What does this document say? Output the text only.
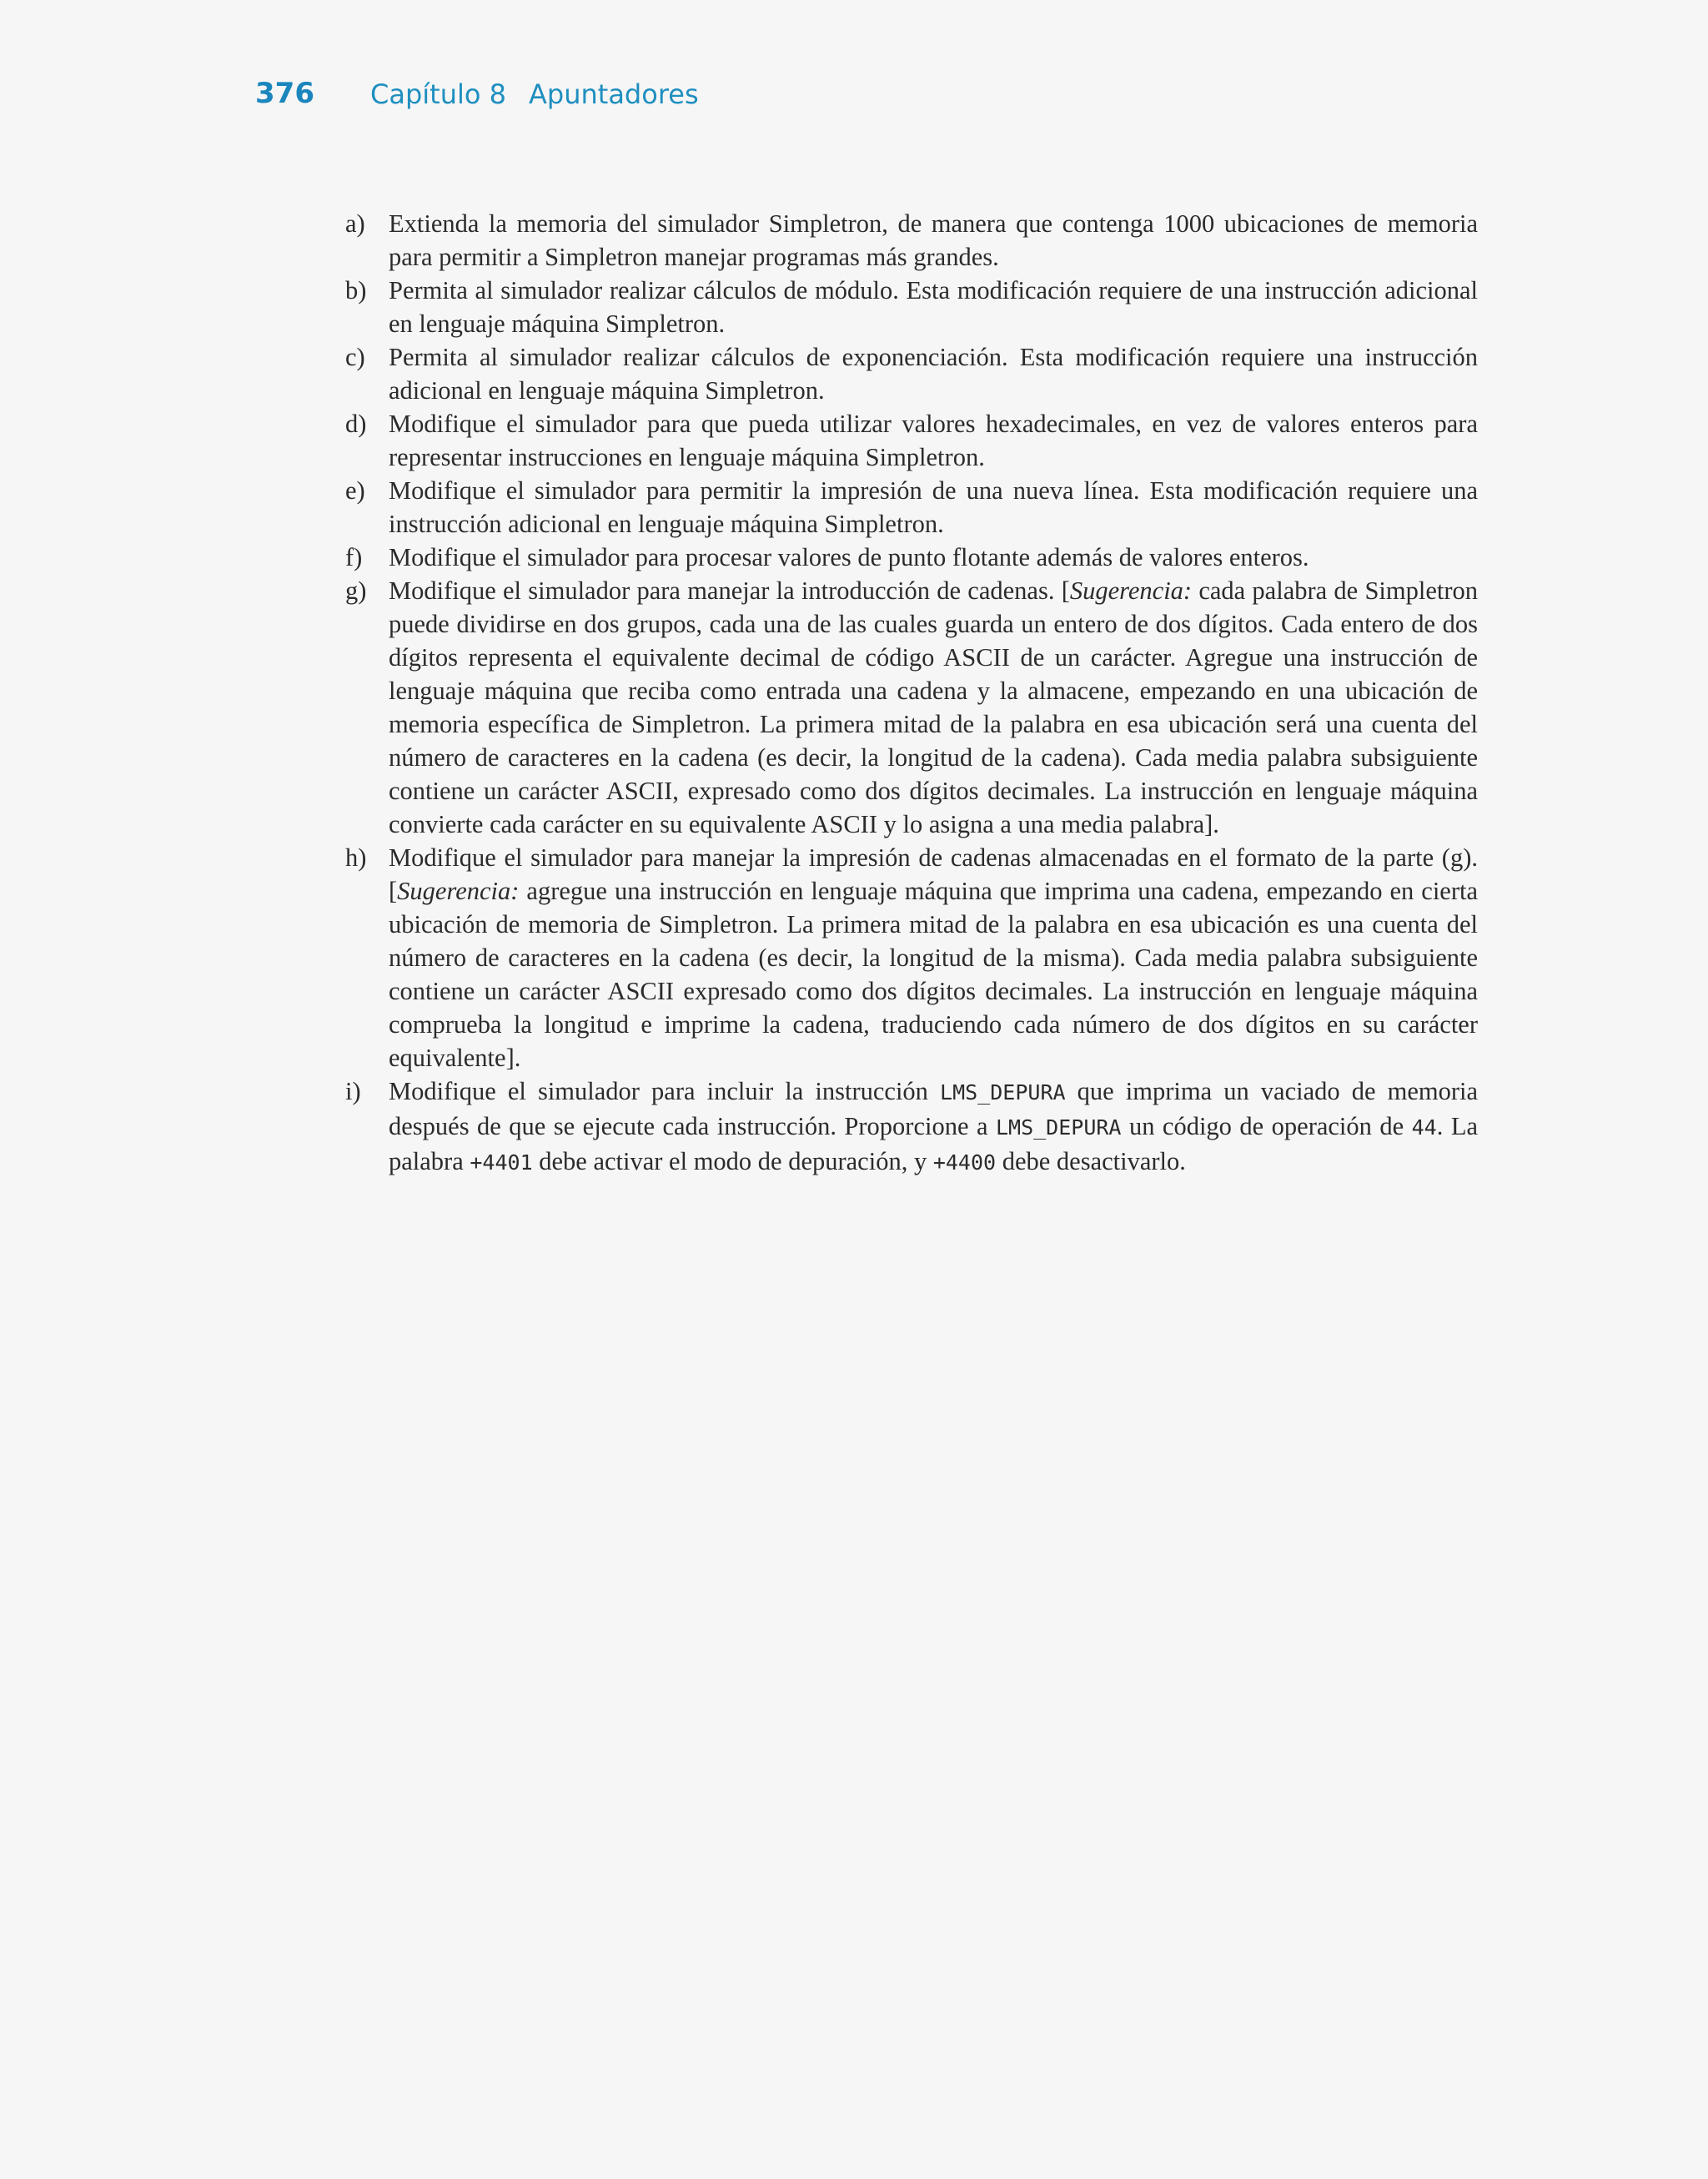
376 Capítulo 8 Apuntadores
a) Extienda la memoria del simulador Simpletron, de manera que contenga 1000 ubicaciones de memoria para permitir a Simpletron manejar programas más grandes.
b) Permita al simulador realizar cálculos de módulo. Esta modificación requiere de una instrucción adicional en lenguaje máquina Simpletron.
c) Permita al simulador realizar cálculos de exponenciación. Esta modificación requiere una instrucción adicional en lenguaje máquina Simpletron.
d) Modifique el simulador para que pueda utilizar valores hexadecimales, en vez de valores enteros para representar instrucciones en lenguaje máquina Simpletron.
e) Modifique el simulador para permitir la impresión de una nueva línea. Esta modificación requiere una instrucción adicional en lenguaje máquina Simpletron.
f) Modifique el simulador para procesar valores de punto flotante además de valores enteros.
g) Modifique el simulador para manejar la introducción de cadenas. [Sugerencia: cada palabra de Simpletron puede dividirse en dos grupos, cada una de las cuales guarda un entero de dos dígitos. Cada entero de dos dígitos representa el equivalente decimal de código ASCII de un carácter. Agregue una instrucción de lenguaje máquina que reciba como entrada una cadena y la almacene, empezando en una ubicación de memoria específica de Simpletron. La primera mitad de la palabra en esa ubicación será una cuenta del número de caracteres en la cadena (es decir, la longitud de la cadena). Cada media palabra subsiguiente contiene un carácter ASCII, expresado como dos dígitos decimales. La instrucción en lenguaje máquina convierte cada carácter en su equivalente ASCII y lo asigna a una media palabra].
h) Modifique el simulador para manejar la impresión de cadenas almacenadas en el formato de la parte (g). [Sugerencia: agregue una instrucción en lenguaje máquina que imprima una cadena, empezando en cierta ubicación de memoria de Simpletron. La primera mitad de la palabra en esa ubicación es una cuenta del número de caracteres en la cadena (es decir, la longitud de la misma). Cada media palabra subsiguiente contiene un carácter ASCII expresado como dos dígitos decimales. La instrucción en lenguaje máquina comprueba la longitud e imprime la cadena, traduciendo cada número de dos dígitos en su carácter equivalente].
i) Modifique el simulador para incluir la instrucción LMS_DEPURA que imprima un vaciado de memoria después de que se ejecute cada instrucción. Proporcione a LMS_DEPURA un código de operación de 44. La palabra +4401 debe activar el modo de depuración, y +4400 debe desactivarlo.
